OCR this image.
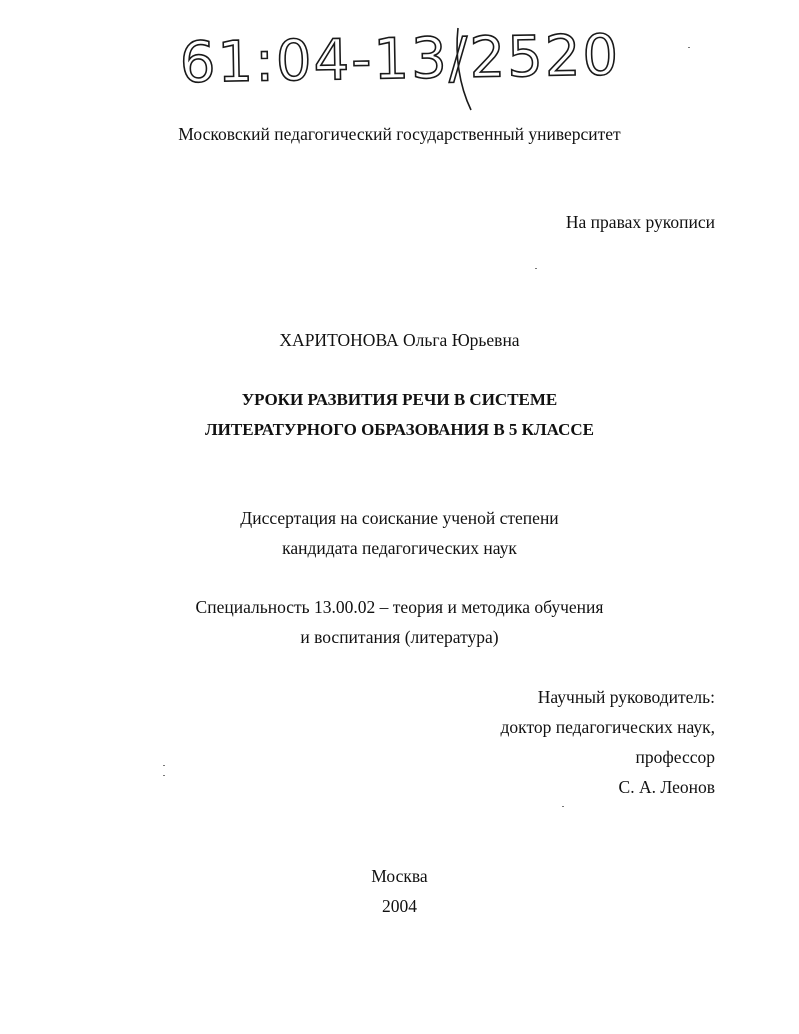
61:04-13/2520
Московский педагогический государственный университет
На правах рукописи
ХАРИТОНОВА Ольга Юрьевна
УРОКИ РАЗВИТИЯ РЕЧИ В СИСТЕМЕ
ЛИТЕРАТУРНОГО ОБРАЗОВАНИЯ В 5 КЛАССЕ
Диссертация на соискание ученой степени
кандидата педагогических наук
Специальность 13.00.02 – теория и методика обучения
и воспитания (литература)
Научный руководитель:
доктор педагогических наук,
профессор
С. А. Леонов
Москва
2004
